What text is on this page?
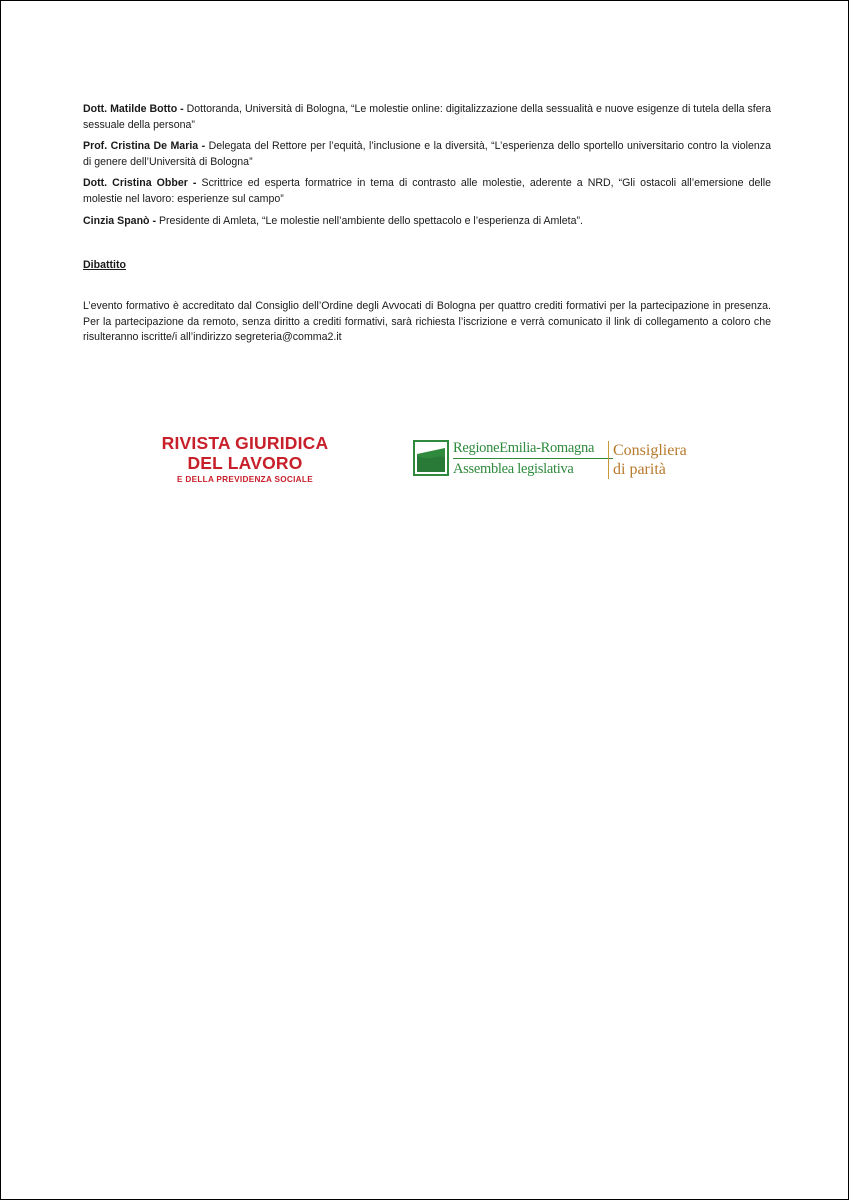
Dott. Matilde Botto - Dottoranda, Università di Bologna, “Le molestie online: digitalizzazione della sessualità e nuove esigenze di tutela della sfera sessuale della persona”

Prof. Cristina De Maria - Delegata del Rettore per l’equità, l’inclusione e la diversità, “L’esperienza dello sportello universitario contro la violenza di genere dell’Università di Bologna”

Dott. Cristina Obber - Scrittrice ed esperta formatrice in tema di contrasto alle molestie, aderente a NRD, “Gli ostacoli all’emersione delle molestie nel lavoro: esperienze sul campo”

Cinzia Spanò - Presidente di Amleta, “Le molestie nell’ambiente dello spettacolo e l’esperienza di Amleta”.

Dibattito
L’evento formativo è accreditato dal Consiglio dell’Ordine degli Avvocati di Bologna per quattro crediti formativi per la partecipazione in presenza. Per la partecipazione da remoto, senza diritto a crediti formativi, sarà richiesta l’iscrizione e verrà comunicato il link di collegamento a coloro che risulteranno iscritte/i all’indirizzo segreteria@comma2.it
RIVISTA GIURIDICA
DEL LAVORO
E DELLA PREVIDENZA SOCIALE
RegioneEmilia-Romagna
Assemblea legislativa
Consigliera
di parità
